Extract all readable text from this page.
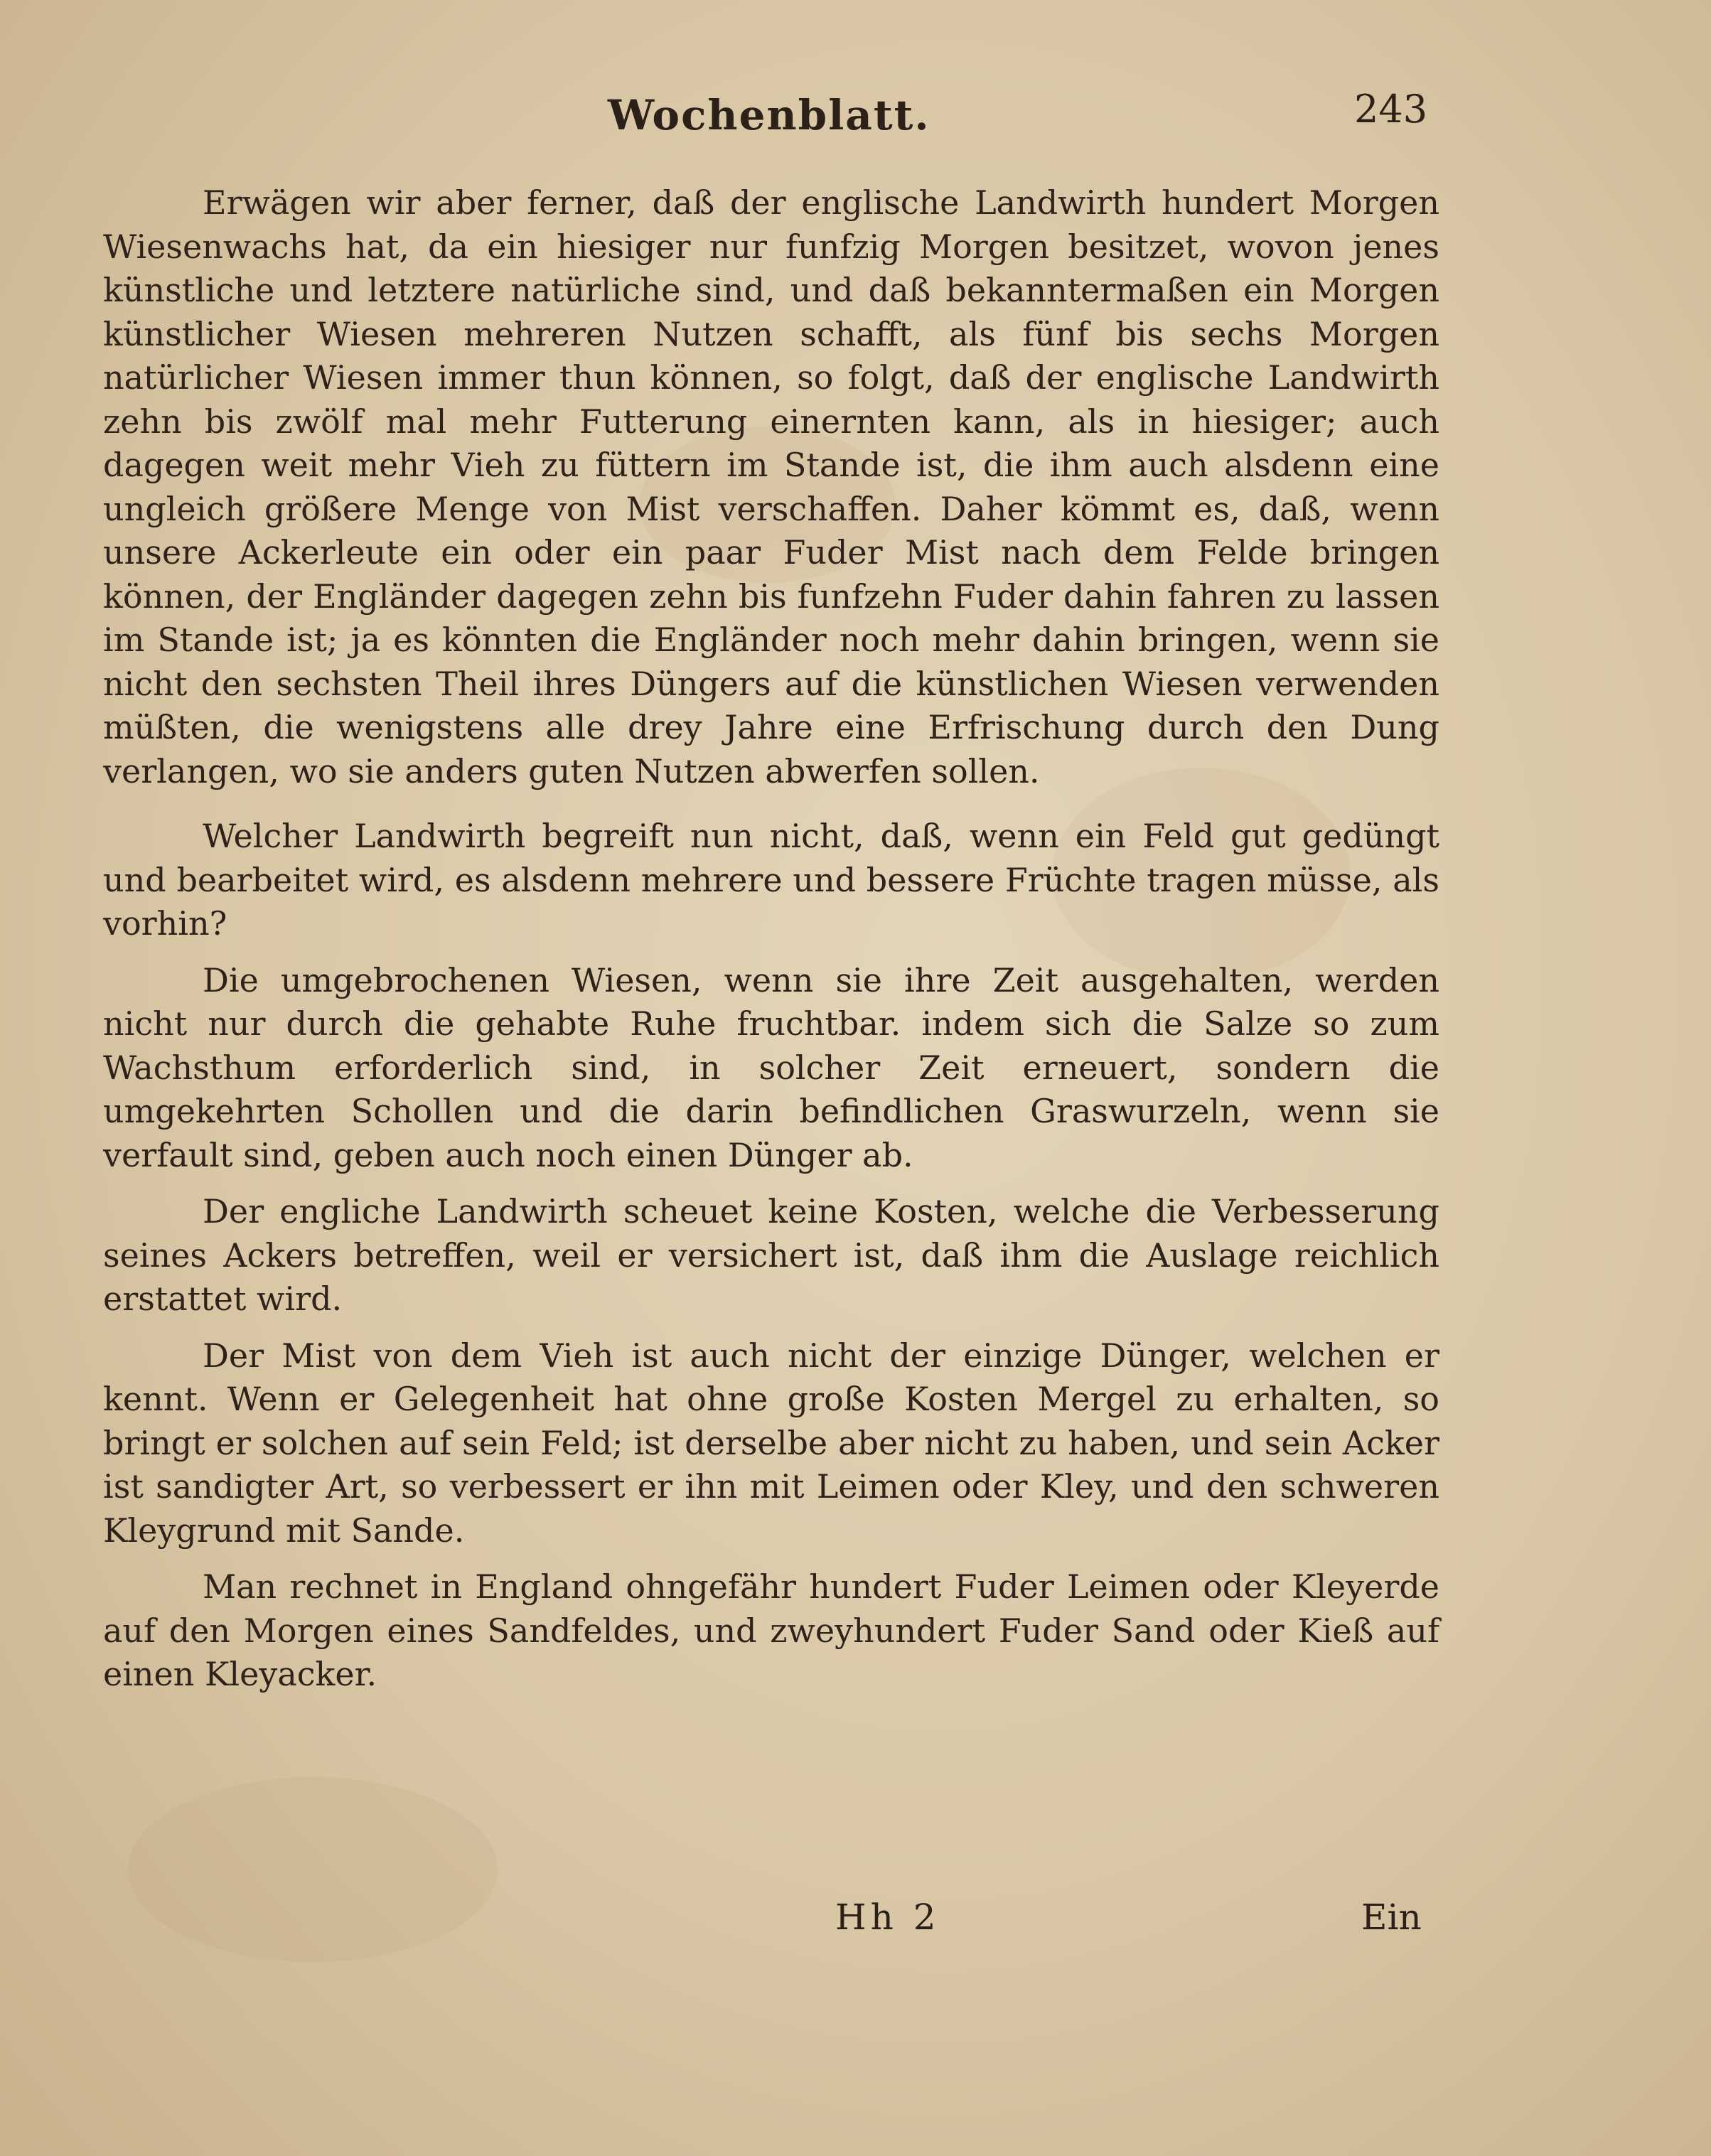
Wochenblatt.	243

Erwägen wir aber ferner, daß der englische Landwirth hundert Morgen Wiesenwachs hat, da ein hiesiger nur funfzig Morgen besitzet, wovon jenes künstliche und letztere natürliche sind, und daß bekanntermaßen ein Morgen künstlicher Wiesen mehreren Nutzen schafft, als fünf bis sechs Morgen natürlicher Wiesen immer thun können, so folgt, daß der englische Landwirth zehn bis zwölf mal mehr Futterung einernten kann, als in hiesiger; auch dagegen weit mehr Vieh zu füttern im Stande ist, die ihm auch alsdenn eine ungleich größere Menge von Mist verschaffen. Daher kömmt es, daß, wenn unsere Ackerleute ein oder ein paar Fuder Mist nach dem Felde bringen können, der Engländer dagegen zehn bis funfzehn Fuder dahin fahren zu lassen im Stande ist; ja es könnten die Engländer noch mehr dahin bringen, wenn sie nicht den sechsten Theil ihres Düngers auf die künstlichen Wiesen verwenden müßten, die wenigstens alle drey Jahre eine Erfrischung durch den Dung verlangen, wo sie anders guten Nutzen abwerfen sollen.

Welcher Landwirth begreift nun nicht, daß, wenn ein Feld gut gedüngt und bearbeitet wird, es alsdenn mehrere und bessere Früchte tragen müsse, als vorhin?

Die umgebrochenen Wiesen, wenn sie ihre Zeit ausgehalten, werden nicht nur durch die gehabte Ruhe fruchtbar. indem sich die Salze so zum Wachsthum erforderlich sind, in solcher Zeit erneuert, sondern die umgekehrten Schollen und die darin befindlichen Graswurzeln, wenn sie verfault sind, geben auch noch einen Dünger ab.

Der engliche Landwirth scheuet keine Kosten, welche die Verbesserung seines Ackers betreffen, weil er versichert ist, daß ihm die Auslage reichlich erstattet wird.

Der Mist von dem Vieh ist auch nicht der einzige Dünger, welchen er kennt. Wenn er Gelegenheit hat ohne große Kosten Mergel zu erhalten, so bringt er solchen auf sein Feld; ist derselbe aber nicht zu haben, und sein Acker ist sandigter Art, so verbessert er ihn mit Leimen oder Kley, und den schweren Kleygrund mit Sande.

Man rechnet in England ohngefähr hundert Fuder Leimen oder Kleyerde auf den Morgen eines Sandfeldes, und zweyhundert Fuder Sand oder Kieß auf einen Kleyacker.

Hh 2	Ein
